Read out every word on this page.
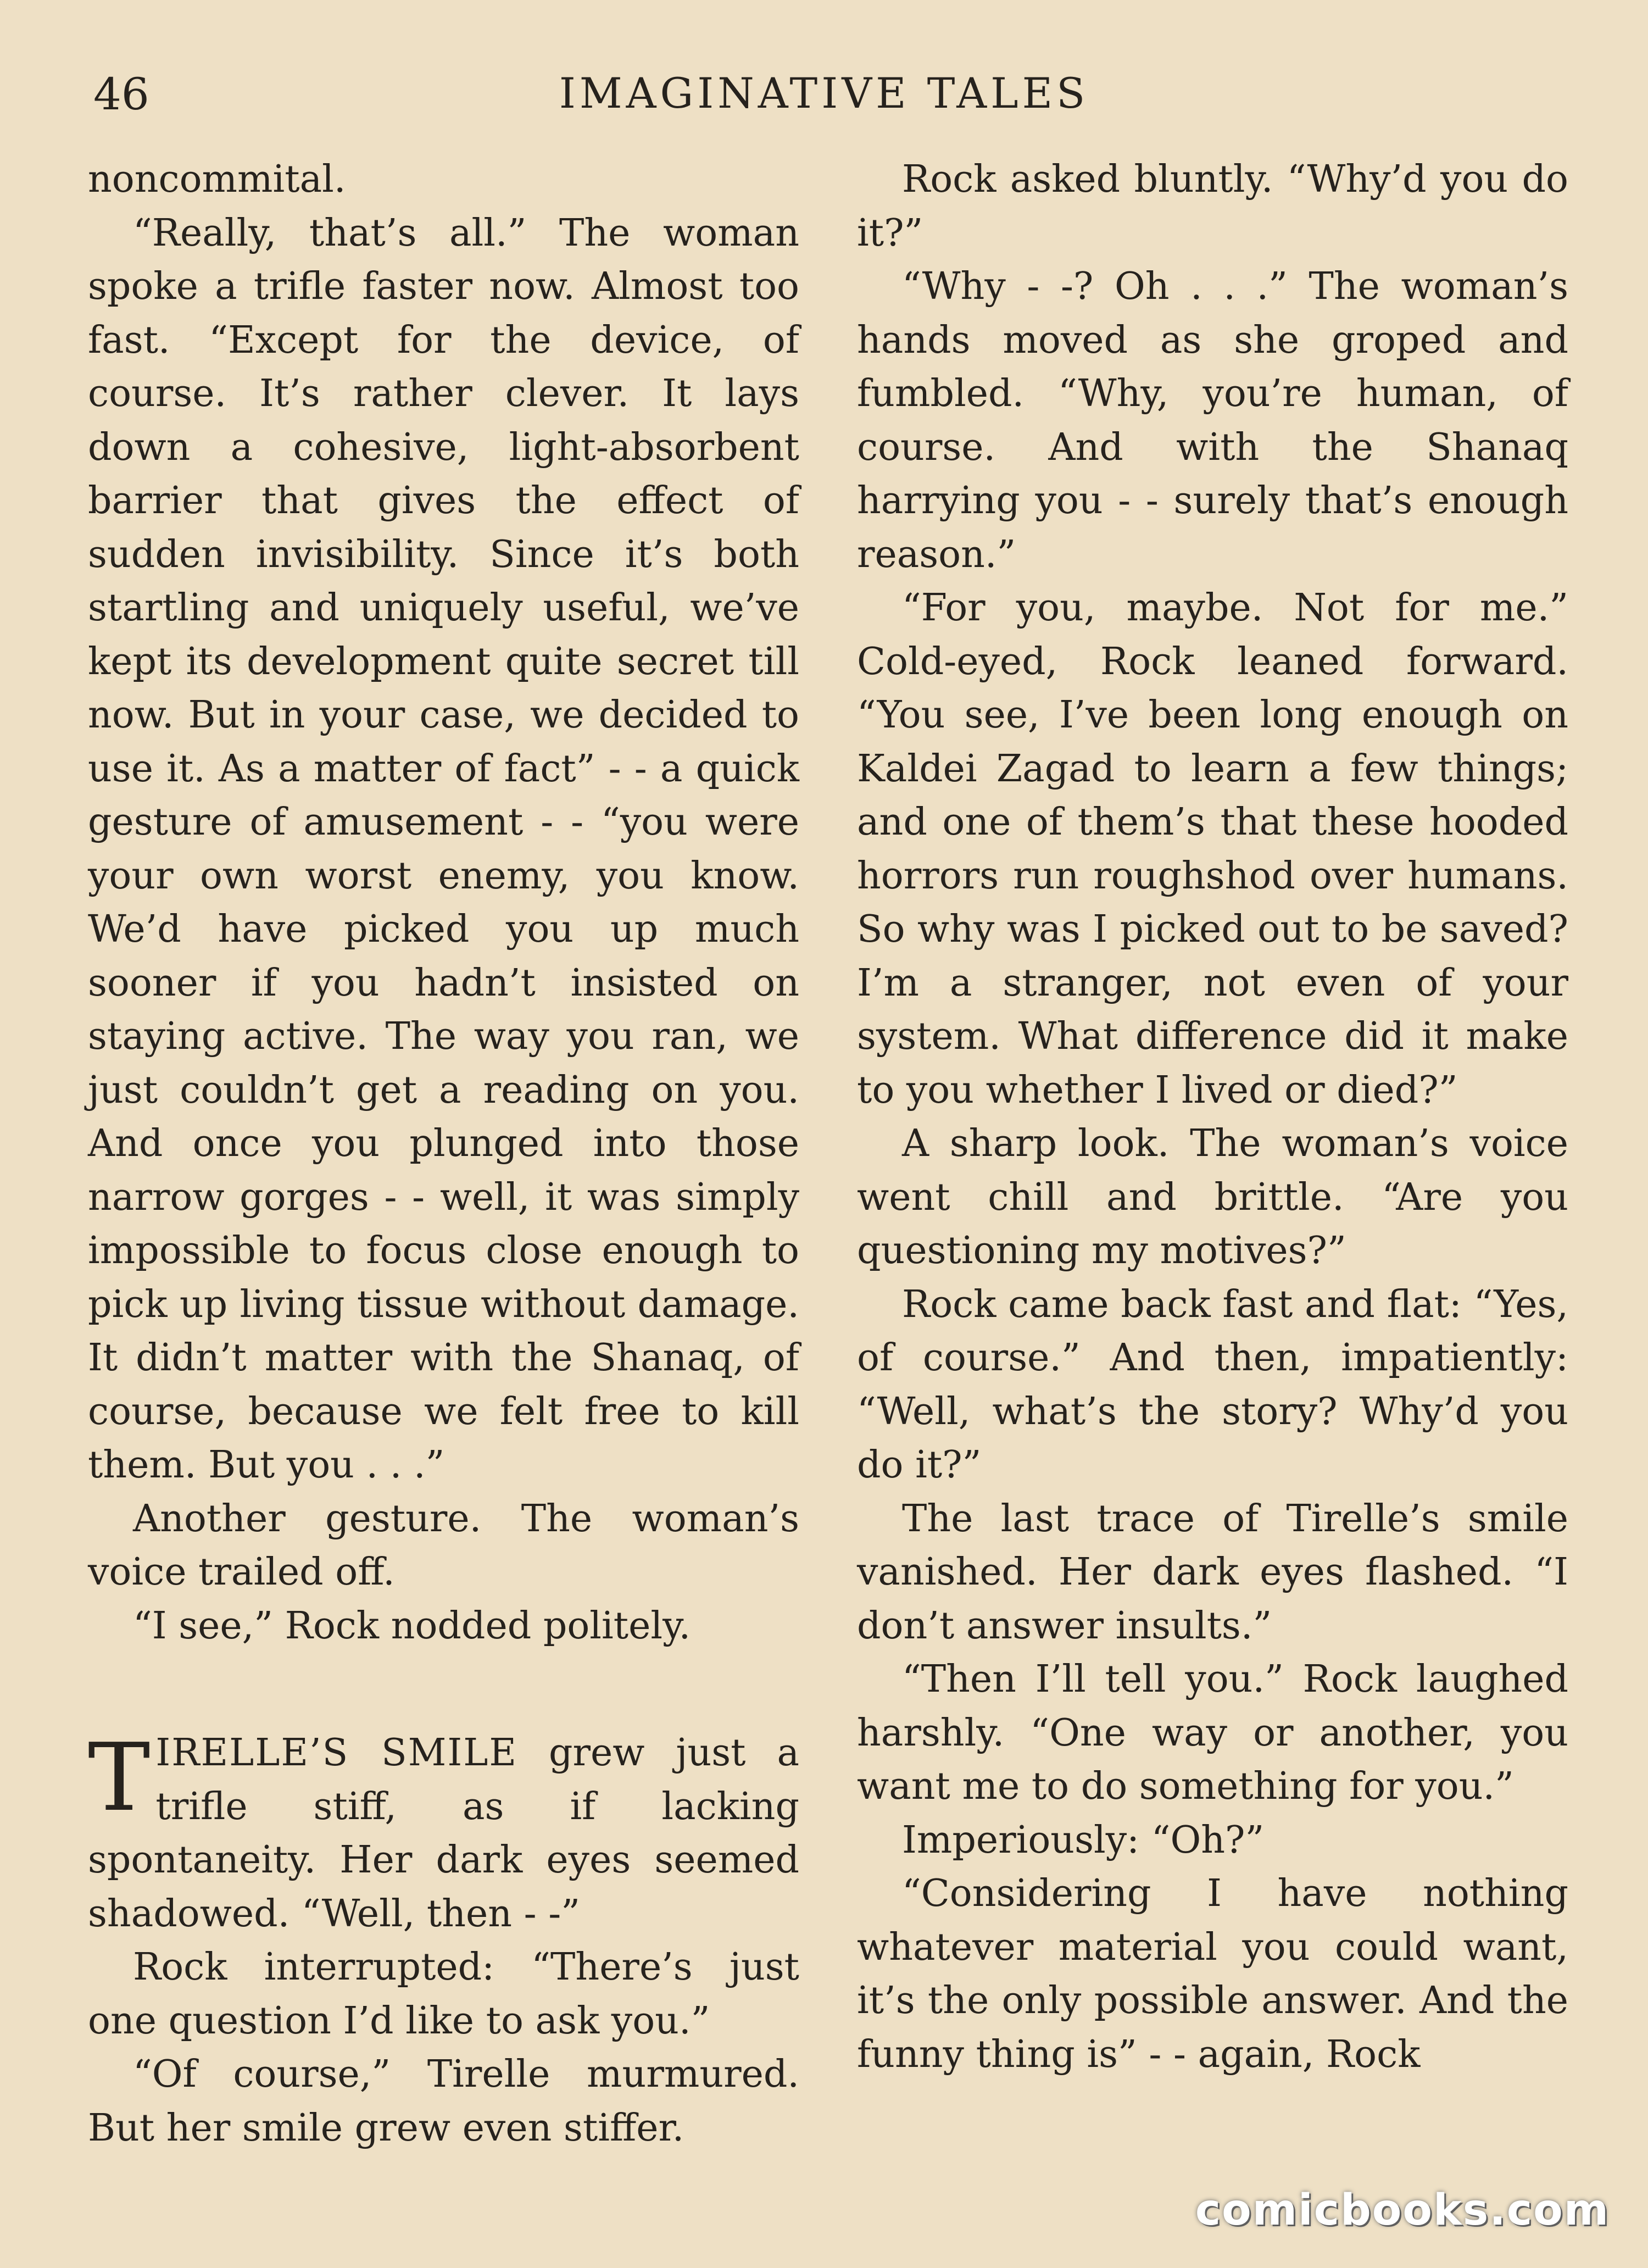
46	IMAGINATIVE TALES

noncommital.

“Really, that’s all.” The woman spoke a trifle faster now. Almost too fast. “Except for the device, of course. It’s rather clever. It lays down a cohesive, light-absorbent barrier that gives the effect of sudden invisibility. Since it’s both startling and uniquely useful, we’ve kept its development quite secret till now. But in your case, we decided to use it. As a matter of fact” - - a quick gesture of amusement - - “you were your own worst enemy, you know. We’d have picked you up much sooner if you hadn’t insisted on staying active. The way you ran, we just couldn’t get a reading on you. And once you plunged into those narrow gorges - - well, it was simply impossible to focus close enough to pick up living tissue without damage. It didn’t matter with the Shanaq, of course, because we felt free to kill them. But you . . .”

Another gesture. The woman’s voice trailed off.

“I see,” Rock nodded politely.

TIRELLE’S SMILE grew just a trifle stiff, as if lacking spontaneity. Her dark eyes seemed shadowed. “Well, then - -”

Rock interrupted: “There’s just one question I’d like to ask you.”

“Of course,” Tirelle murmured. But her smile grew even stiffer.

Rock asked bluntly. “Why’d you do it?”

“Why - -? Oh . . .” The woman’s hands moved as she groped and fumbled. “Why, you’re human, of course. And with the Shanaq harrying you - - surely that’s enough reason.”

“For you, maybe. Not for me.” Cold-eyed, Rock leaned forward. “You see, I’ve been long enough on Kaldei Zagad to learn a few things; and one of them’s that these hooded horrors run roughshod over humans. So why was I picked out to be saved? I’m a stranger, not even of your system. What difference did it make to you whether I lived or died?”

A sharp look. The woman’s voice went chill and brittle. “Are you questioning my motives?”

Rock came back fast and flat: “Yes, of course.” And then, impatiently: “Well, what’s the story? Why’d you do it?”

The last trace of Tirelle’s smile vanished. Her dark eyes flashed. “I don’t answer insults.”

“Then I’ll tell you.” Rock laughed harshly. “One way or another, you want me to do something for you.”

Imperiously: “Oh?”

“Considering I have nothing whatever material you could want, it’s the only possible answer. And the funny thing is” - - again, Rock

comicbooks.com
